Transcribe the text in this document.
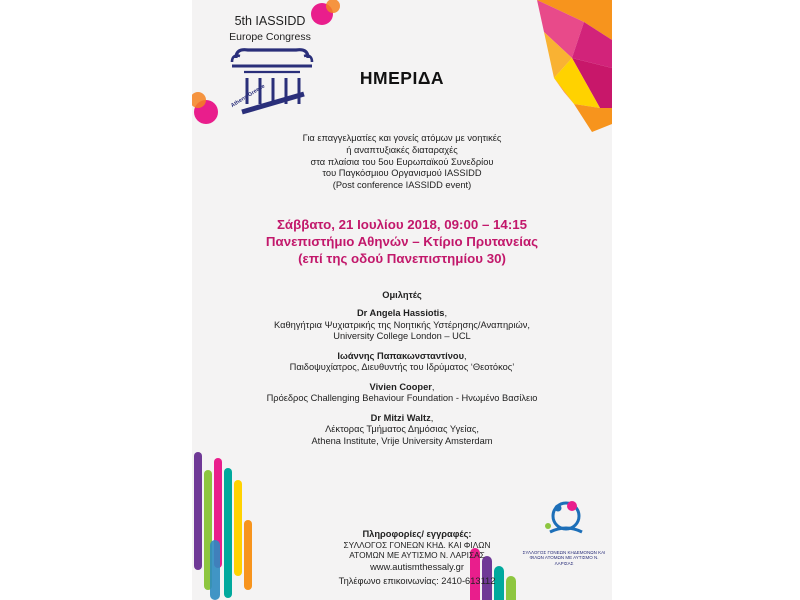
5th IASSIDD
Europe Congress
Athens Greece
ΗΜΕΡΙΔΑ
Για επαγγελματίες και γονείς ατόμων με νοητικές
ή αναπτυξιακές διαταραχές
στα πλαίσια του 5ου Ευρωπαϊκού Συνεδρίου
του Παγκόσμιου Οργανισμού IASSIDD
(Post conference IASSIDD event)
Σάββατο, 21 Ιουλίου 2018, 09:00 – 14:15
Πανεπιστήμιο Αθηνών – Κτίριο Πρυτανείας
(επί της οδού Πανεπιστημίου 30)
Ομιλητές
Dr Angela Hassiotis,
Καθηγήτρια Ψυχιατρικής της Νοητικής Υστέρησης/Αναπηριών,
University College London – UCL
Ιωάννης Παπακωνσταντίνου,
Παιδοψυχίατρος, Διευθυντής του Ιδρύματος ‘Θεοτόκος’
Vivien Cooper,
Πρόεδρος Challenging Behaviour Foundation - Ηνωμένο Βασίλειο
Dr Mitzi Waltz,
Λέκτορας Τμήματος Δημόσιας Υγείας,
Athena Institute, Vrije University Amsterdam
Πληροφορίες/ εγγραφές:
ΣΥΛΛΟΓΟΣ ΓΟΝΕΩΝ ΚΗΔ. ΚΑΙ ΦΙΛΩΝ
ΑΤΟΜΩΝ ΜΕ ΑΥΤΙΣΜΟ Ν. ΛΑΡΙΣΑΣ
www.autismthessaly.gr
Τηλέφωνο επικοινωνίας: 2410-613112
ΣΥΛΛΟΓΟΣ ΓΟΝΕΩΝ ΚΗΔΕΜΟΝΩΝ ΚΑΙ ΦΙΛΩΝ ΑΤΟΜΩΝ ΜΕ ΑΥΤΙΣΜΟ Ν. ΛΑΡΙΣΑΣ
